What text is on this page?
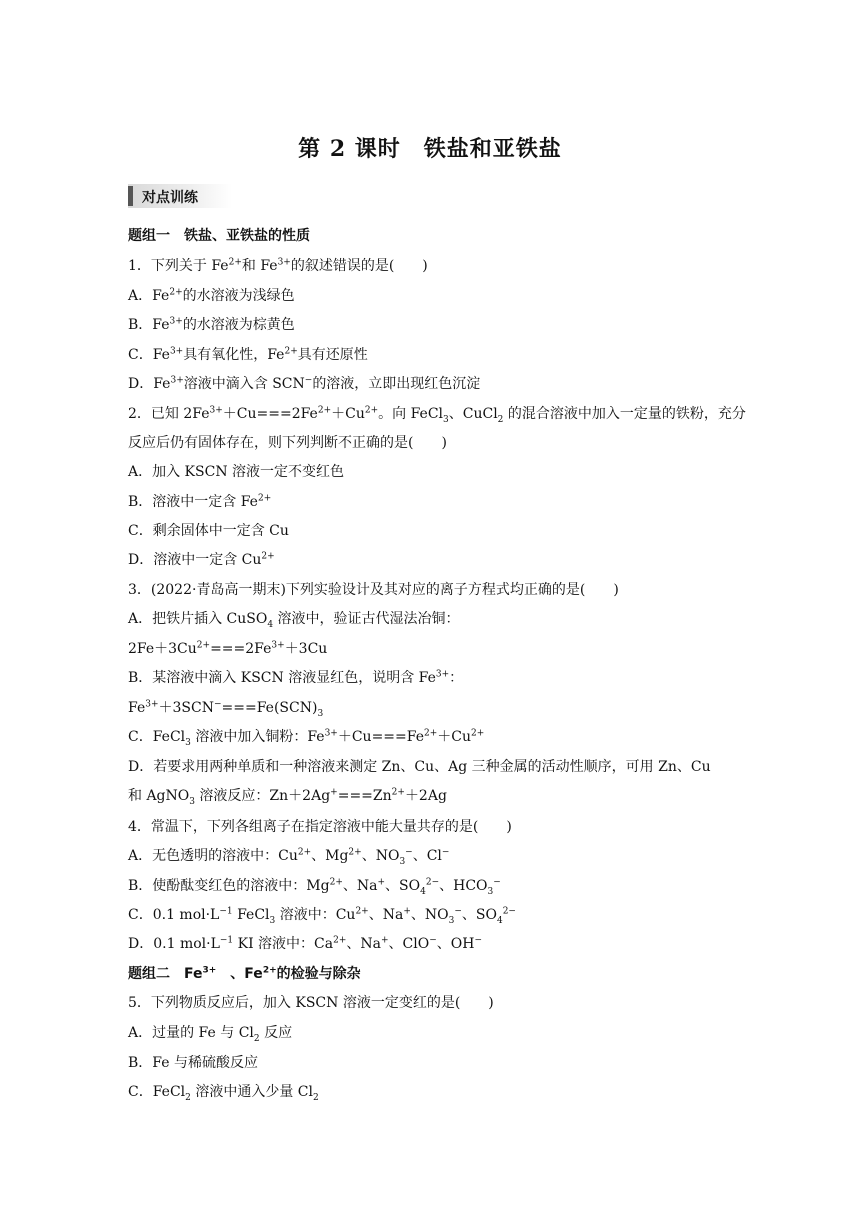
第 2 课时　铁盐和亚铁盐
对点训练
题组一　铁盐、亚铁盐的性质
1．下列关于 $Fe^{2+}$和 $Fe^{3+}$的叙述错误的是(　　)
A．$Fe^{2+}$的水溶液为浅绿色
B．$Fe^{3+}$的水溶液为棕黄色
C．$Fe^{3+}$具有氧化性，$Fe^{2+}$具有还原性
D．$Fe^{3+}$溶液中滴入含 SCN−的溶液，立即出现红色沉淀
2．已知 $2Fe^{3+}+Cu===2Fe^{2+}+Cu^{2+}$。向 FeCl$_3$、CuCl$_2$ 的混合溶液中加入一定量的铁粉，充分
反应后仍有固体存在，则下列判断不正确的是(　　)
A．加入 KSCN 溶液一定不变红色
B．溶液中一定含 $Fe^{2+}$
C．剩余固体中一定含 Cu
D．溶液中一定含 $Cu^{2+}$
3．(2022·青岛高一期末)下列实验设计及其对应的离子方程式均正确的是(　　)
A．把铁片插入 CuSO$_4$ 溶液中，验证古代湿法冶铜：
$2Fe+3Cu^{2+}===2Fe^{3+}+3Cu$
B．某溶液中滴入 KSCN 溶液显红色，说明含 $Fe^{3+}$：
$Fe^{3+}+3SCN^-===Fe(SCN)_3$
C．FeCl$_3$ 溶液中加入铜粉：$Fe^{3+}+Cu===Fe^{2+}+Cu^{2+}$
D．若要求用两种单质和一种溶液来测定 Zn、Cu、Ag 三种金属的活动性顺序，可用 Zn、Cu
和 AgNO$_3$ 溶液反应：$Zn+2Ag^+===Zn^{2+}+2Ag$
4．常温下，下列各组离子在指定溶液中能大量共存的是(　　)
A．无色透明的溶液中：$Cu^{2+}$、$Mg^{2+}$、$NO_3^-$、Cl−
B．使酚酞变红色的溶液中：$Mg^{2+}$、Na+、$SO_4^{2-}$、$HCO_3^-$
C．0.1 $mol\cdot L^{-1}$ FeCl$_3$ 溶液中：$Cu^{2+}$、Na+、$NO_3^-$、$SO_4^{2-}$
D．0.1 $mol\cdot L^{-1}$ KI 溶液中：$Ca^{2+}$、Na+、ClO−、OH−
题组二　$Fe^{3+}$　、$Fe^{2+}$的检验与除杂
5．下列物质反应后，加入 KSCN 溶液一定变红的是(　　)
A．过量的 Fe 与 $Cl_2$ 反应
B．Fe 与稀硫酸反应
C．FeCl$_2$ 溶液中通入少量 $Cl_2$
